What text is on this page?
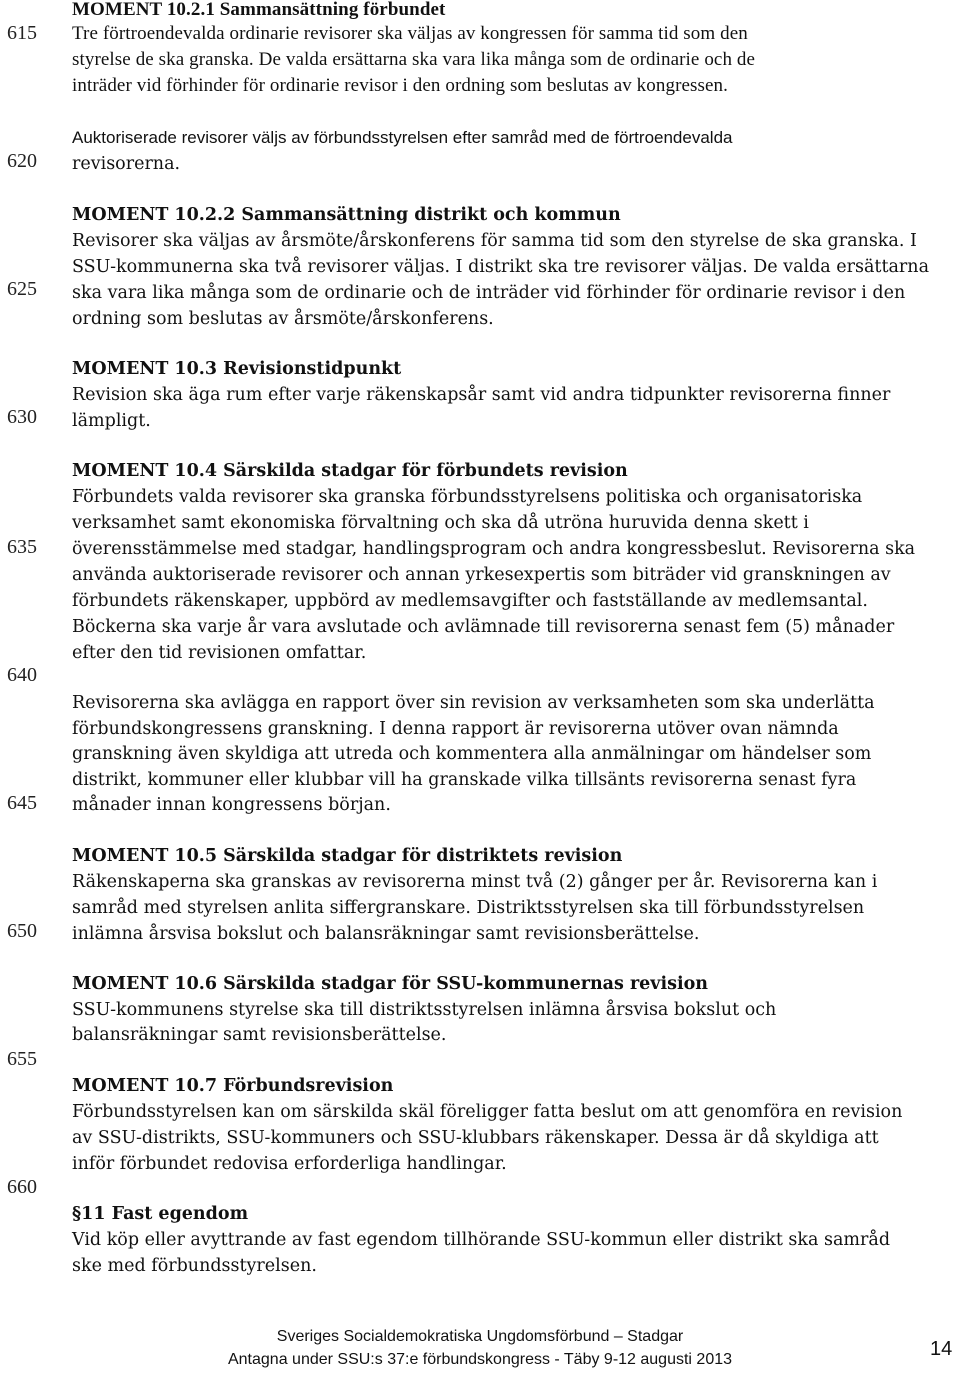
615
620
625
630
635
640
645
650
655
660
MOMENT 10.2.1 Sammansättning förbundet
Tre förtroendevalda ordinarie revisorer ska väljas av kongressen för samma tid som den
styrelse de ska granska. De valda ersättarna ska vara lika många som de ordinarie och de
inträder vid förhinder för ordinarie revisor i den ordning som beslutas av kongressen.
Auktoriserade revisorer väljs av förbundsstyrelsen efter samråd med de förtroendevalda
revisorerna.
MOMENT 10.2.2 Sammansättning distrikt och kommun
Revisorer ska väljas av årsmöte/årskonferens för samma tid som den styrelse de ska granska. I
SSU-kommunerna ska två revisorer väljas. I distrikt ska tre revisorer väljas. De valda ersättarna
ska vara lika många som de ordinarie och de inträder vid förhinder för ordinarie revisor i den
ordning som beslutas av årsmöte/årskonferens.
MOMENT 10.3 Revisionstidpunkt
Revision ska äga rum efter varje räkenskapsår samt vid andra tidpunkter revisorerna finner
lämpligt.
MOMENT 10.4 Särskilda stadgar för förbundets revision
Förbundets valda revisorer ska granska förbundsstyrelsens politiska och organisatoriska
verksamhet samt ekonomiska förvaltning och ska då utröna huruvida denna skett i
överensstämmelse med stadgar, handlingsprogram och andra kongressbeslut. Revisorerna ska
använda auktoriserade revisorer och annan yrkesexpertis som biträder vid granskningen av
förbundets räkenskaper, uppbörd av medlemsavgifter och fastställande av medlemsantal.
Böckerna ska varje år vara avslutade och avlämnade till revisorerna senast fem (5) månader
efter den tid revisionen omfattar.
Revisorerna ska avlägga en rapport över sin revision av verksamheten som ska underlätta
förbundskongressens granskning. I denna rapport är revisorerna utöver ovan nämnda
granskning även skyldiga att utreda och kommentera alla anmälningar om händelser som
distrikt, kommuner eller klubbar vill ha granskade vilka tillsänts revisorerna senast fyra
månader innan kongressens början.
MOMENT 10.5 Särskilda stadgar för distriktets revision
Räkenskaperna ska granskas av revisorerna minst två (2) gånger per år. Revisorerna kan i
samråd med styrelsen anlita siffergranskare. Distriktsstyrelsen ska till förbundsstyrelsen
inlämna årsvisa bokslut och balansräkningar samt revisionsberättelse.
MOMENT 10.6 Särskilda stadgar för SSU-kommunernas revision
SSU-kommunens styrelse ska till distriktsstyrelsen inlämna årsvisa bokslut och
balansräkningar samt revisionsberättelse.
MOMENT 10.7 Förbundsrevision
Förbundsstyrelsen kan om särskilda skäl föreligger fatta beslut om att genomföra en revision
av SSU-distrikts, SSU-kommuners och SSU-klubbars räkenskaper. Dessa är då skyldiga att
inför förbundet redovisa erforderliga handlingar.
§11 Fast egendom
Vid köp eller avyttrande av fast egendom tillhörande SSU-kommun eller distrikt ska samråd
ske med förbundsstyrelsen.
Sveriges Socialdemokratiska Ungdomsförbund – Stadgar
Antagna under SSU:s 37:e förbundskongress - Täby 9-12 augusti 2013	14
